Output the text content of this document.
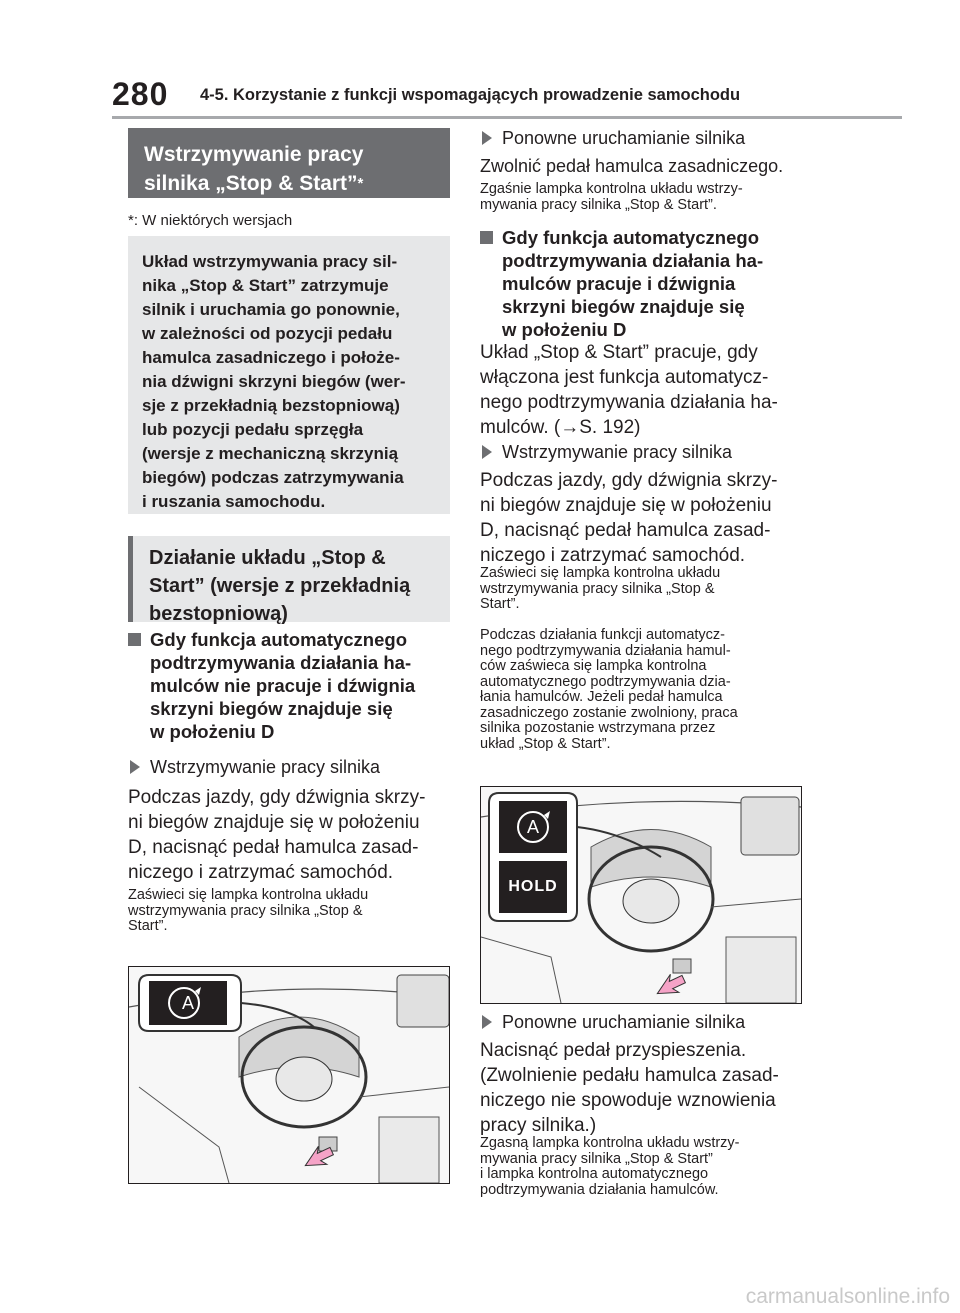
280 4-5. Korzystanie z funkcji wspomagających prowadzenie samochodu
Wstrzymywanie pracy
silnika „Stop & Start”*
*: W niektórych wersjach
Układ wstrzymywania pracy sil-
nika „Stop & Start” zatrzymuje
silnik i uruchamia go ponownie,
w zależności od pozycji pedału
hamulca zasadniczego i położe-
nia dźwigni skrzyni biegów (wer-
sje z przekładnią bezstopniową)
lub pozycji pedału sprzęgła
(wersje z mechaniczną skrzynią
biegów) podczas zatrzymywania
i ruszania samochodu.
Działanie układu „Stop &
Start” (wersje z przekładnią
bezstopniową)
Gdy funkcja automatycznego
podtrzymywania działania ha-
mulców nie pracuje i dźwignia
skrzyni biegów znajduje się
w położeniu D
Wstrzymywanie pracy silnika
Podczas jazdy, gdy dźwignia skrzy-
ni biegów znajduje się w położeniu
D, nacisnąć pedał hamulca zasad-
niczego i zatrzymać samochód.
Zaświeci się lampka kontrolna układu
wstrzymywania pracy silnika „Stop &
Start”.
A
Ponowne uruchamianie silnika
Zwolnić pedał hamulca zasadniczego.
Zgaśnie lampka kontrolna układu wstrzy-
mywania pracy silnika „Stop & Start”.
Gdy funkcja automatycznego
podtrzymywania działania ha-
mulców pracuje i dźwignia
skrzyni biegów znajduje się
w położeniu D
Układ „Stop & Start” pracuje, gdy
włączona jest funkcja automatycz-
nego podtrzymywania działania ha-
mulców. (→S. 192)
Wstrzymywanie pracy silnika
Podczas jazdy, gdy dźwignia skrzy-
ni biegów znajduje się w położeniu
D, nacisnąć pedał hamulca zasad-
niczego i zatrzymać samochód.
Zaświeci się lampka kontrolna układu
wstrzymywania pracy silnika „Stop &
Start”.
Podczas działania funkcji automatycz-
nego podtrzymywania działania hamul-
ców zaświeca się lampka kontrolna
automatycznego podtrzymywania dzia-
łania hamulców. Jeżeli pedał hamulca
zasadniczego zostanie zwolniony, praca
silnika pozostanie wstrzymana przez
układ „Stop & Start”.
A
HOLD
Ponowne uruchamianie silnika
Nacisnąć pedał przyspieszenia.
(Zwolnienie pedału hamulca zasad-
niczego nie spowoduje wznowienia
pracy silnika.)
Zgasną lampka kontrolna układu wstrzy-
mywania pracy silnika „Stop & Start”
i lampka kontrolna automatycznego
podtrzymywania działania hamulców.
carmanualsonline.info
